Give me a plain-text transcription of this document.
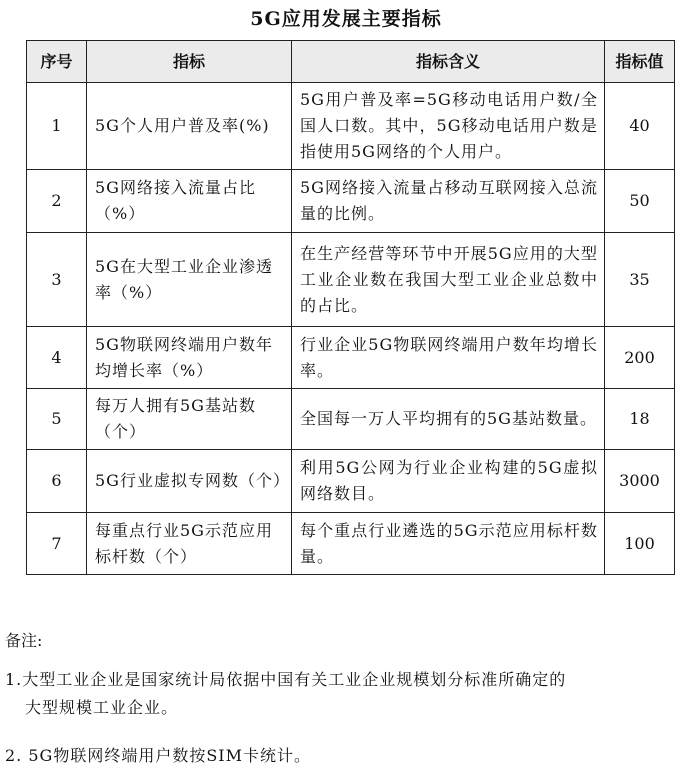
5G应用发展主要指标
序号	指标	指标含义	指标值
1	5G个人用户普及率(%)	5G用户普及率=5G移动电话用户数/全国人口数。其中，5G移动电话用户数是指使用5G网络的个人用户。	40
2	5G网络接入流量占比（%）	5G网络接入流量占移动互联网接入总流量的比例。	50
3	5G在大型工业企业渗透率（%）	在生产经营等环节中开展5G应用的大型工业企业数在我国大型工业企业总数中的占比。	35
4	5G物联网终端用户数年均增长率（%）	行业企业5G物联网终端用户数年均增长率。	200
5	每万人拥有5G基站数（个）	全国每一万人平均拥有的5G基站数量。	18
6	5G行业虚拟专网数（个）	利用5G公网为行业企业构建的5G虚拟网络数目。	3000
7	每重点行业5G示范应用标杆数（个）	每个重点行业遴选的5G示范应用标杆数量。	100
备注:
1.大型工业企业是国家统计局依据中国有关工业企业规模划分标准所确定的
大型规模工业企业。
2. 5G物联网终端用户数按SIM卡统计。
